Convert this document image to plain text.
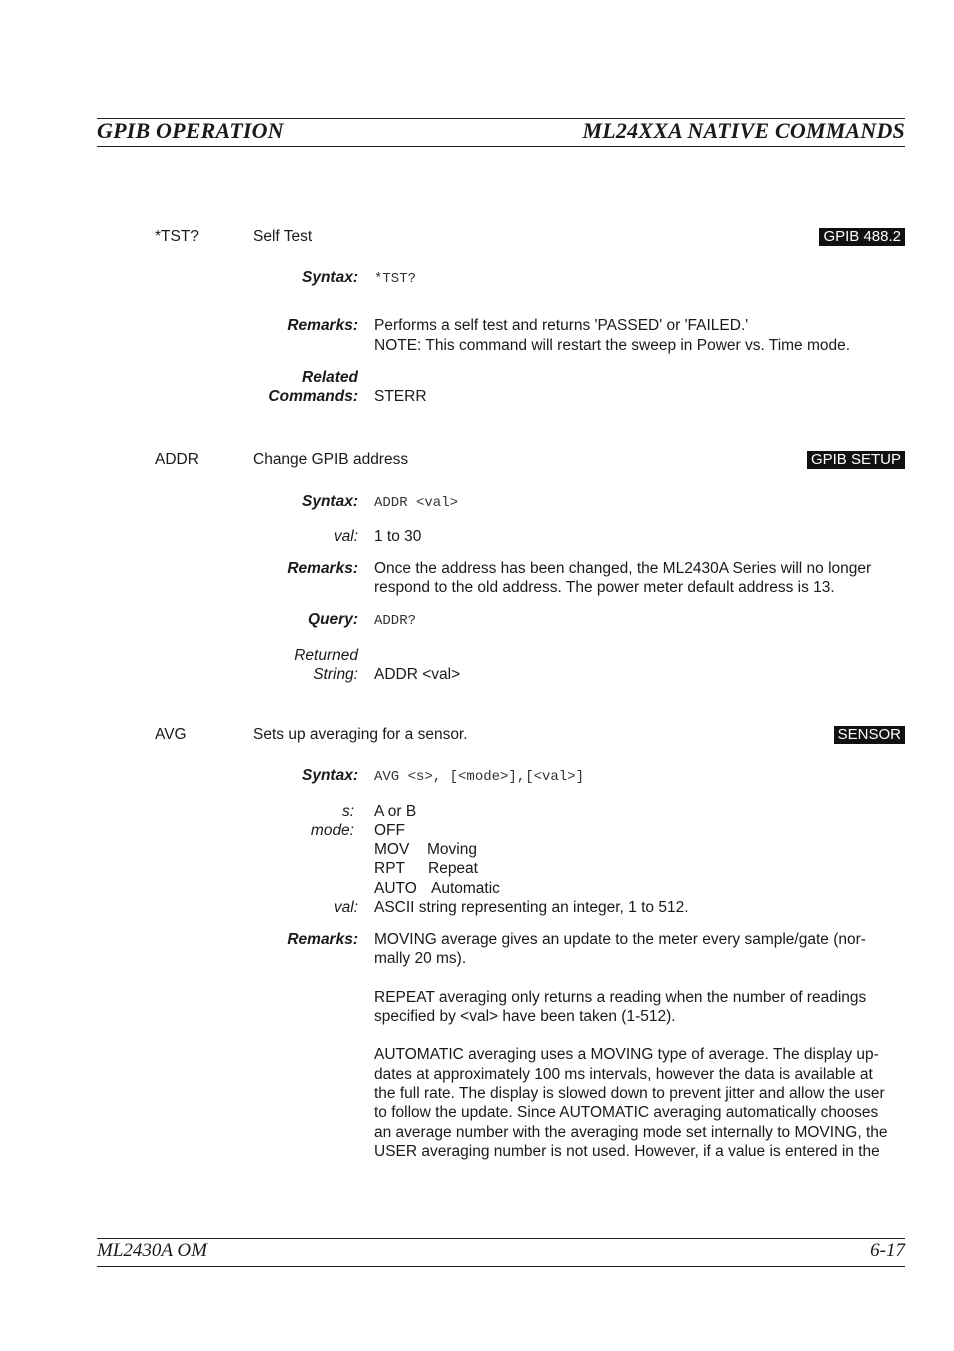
GPIB OPERATION	ML24XXA NATIVE COMMANDS
*TST?	Self Test	GPIB 488.2
Syntax: *TST?
Remarks: Performs a self test and returns 'PASSED' or 'FAILED.'
NOTE: This command will restart the sweep in Power vs. Time mode.
Related
Commands: STERR
ADDR	Change GPIB address	GPIB SETUP
Syntax: ADDR <val>
val: 1 to 30
Remarks: Once the address has been changed, the ML2430A Series will no longer
respond to the old address. The power meter default address is 13.
Query: ADDR?
Returned
String: ADDR <val>
AVG	Sets up averaging for a sensor.	SENSOR
Syntax: AVG <s>, [<mode>],[<val>]
s: A or B
mode: OFF
MOV Moving
RPT Repeat
AUTO Automatic
val: ASCII string representing an integer, 1 to 512.
Remarks: MOVING average gives an update to the meter every sample/gate (nor-
mally 20 ms).
REPEAT averaging only returns a reading when the number of readings
specified by <val> have been taken (1-512).
AUTOMATIC averaging uses a MOVING type of average. The display up-
dates at approximately 100 ms intervals, however the data is available at
the full rate. The display is slowed down to prevent jitter and allow the user
to follow the update. Since AUTOMATIC averaging automatically chooses
an average number with the averaging mode set internally to MOVING, the
USER averaging number is not used. However, if a value is entered in the
ML2430A OM	6-17
